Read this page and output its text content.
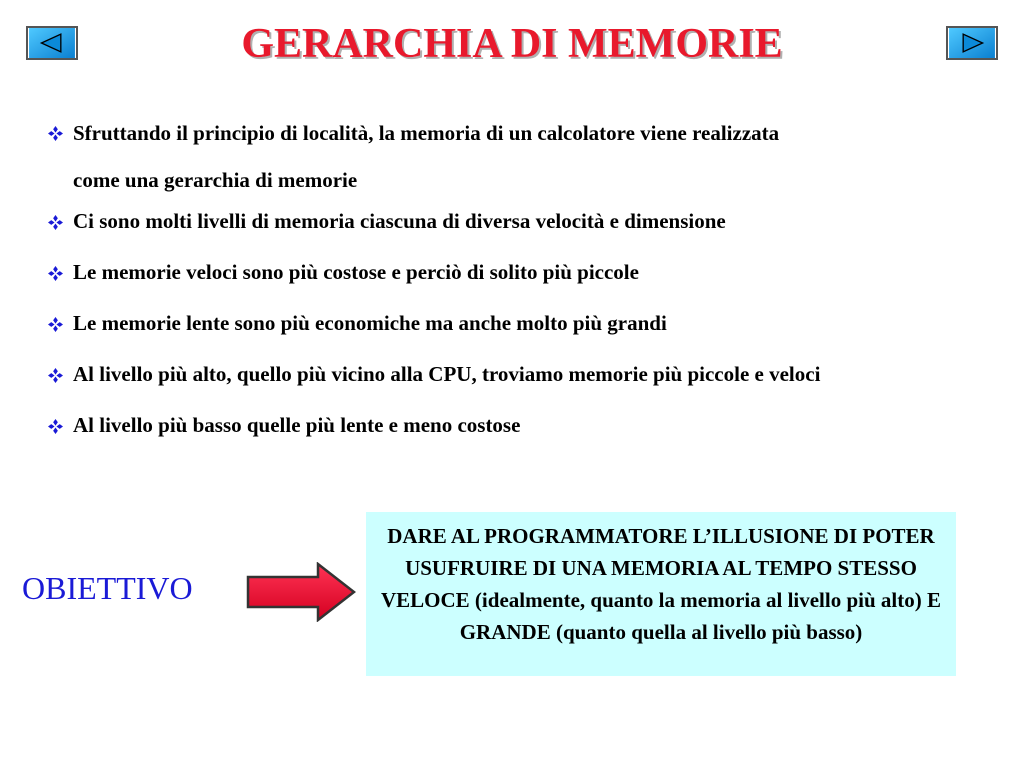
GERARCHIA DI MEMORIE
Sfruttando il principio di località, la memoria di un calcolatore viene realizzata
come una gerarchia di memorie
Ci sono molti livelli di memoria ciascuna di diversa velocità e dimensione
Le memorie veloci sono più costose e perciò di solito più piccole
Le memorie lente sono più economiche ma anche molto più grandi
Al livello più alto, quello più vicino alla CPU, troviamo memorie più piccole e veloci
Al livello più basso quelle più lente e meno costose
OBIETTIVO
DARE AL PROGRAMMATORE L’ILLUSIONE DI POTER USUFRUIRE DI UNA MEMORIA AL TEMPO STESSO VELOCE (idealmente, quanto la memoria al livello più alto) E GRANDE (quanto quella al livello più basso)
